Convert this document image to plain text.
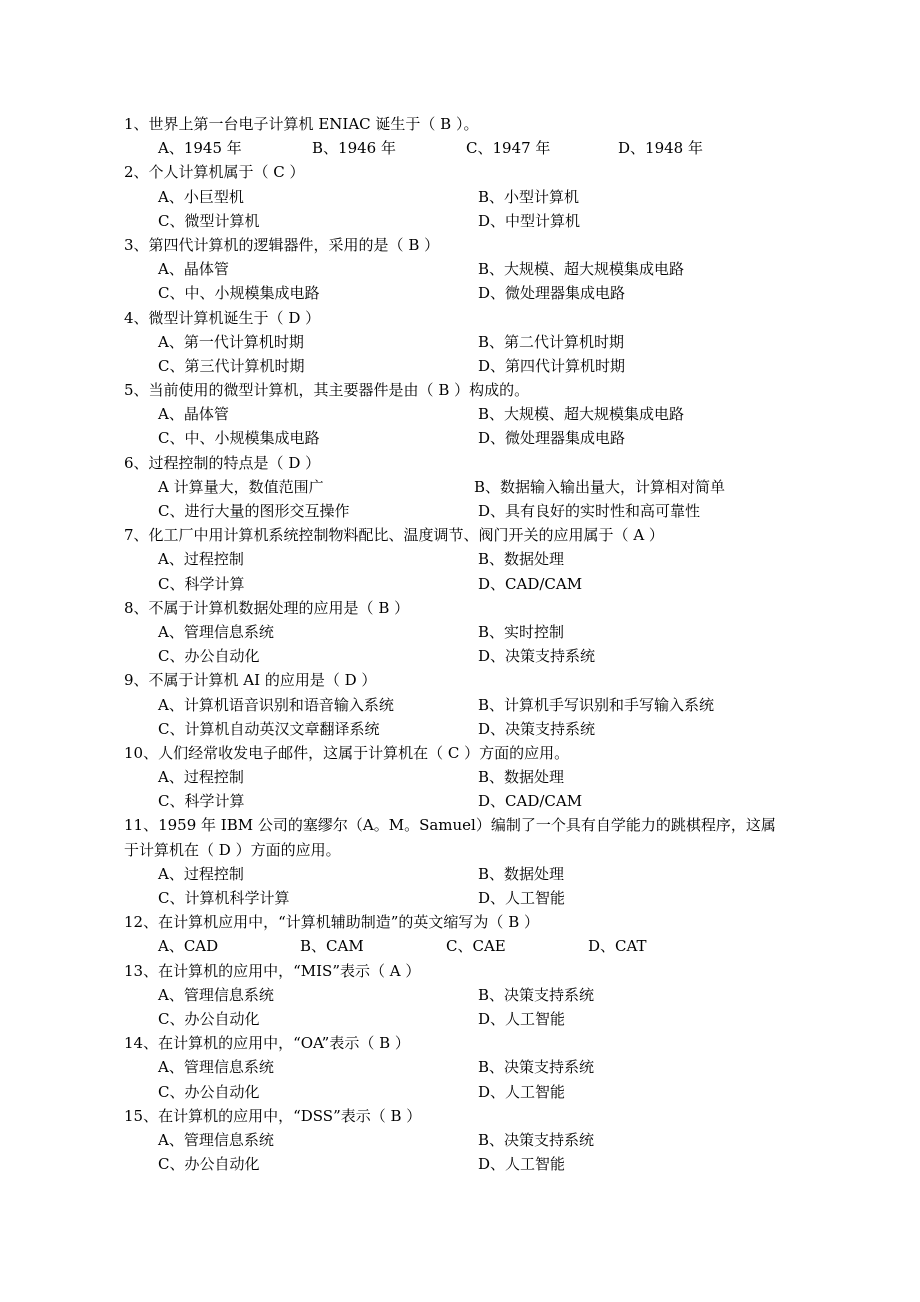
1、世界上第一台电子计算机 ENIAC 诞生于（ B ）。
A、1945 年	B、1946 年	C、1947 年	D、1948 年
2、个人计算机属于（ C ）
A、小巨型机	B、小型计算机
C、微型计算机	D、中型计算机
3、第四代计算机的逻辑器件，采用的是（ B ）
A、晶体管	B、大规模、超大规模集成电路
C、中、小规模集成电路	D、微处理器集成电路
4、微型计算机诞生于（ D ）
A、第一代计算机时期	B、第二代计算机时期
C、第三代计算机时期	D、第四代计算机时期
5、当前使用的微型计算机，其主要器件是由（ B ）构成的。
A、晶体管	B、大规模、超大规模集成电路
C、中、小规模集成电路	D、微处理器集成电路
6、过程控制的特点是（ D ）
A 计算量大，数值范围广	B、数据输入输出量大，计算相对简单
C、进行大量的图形交互操作	D、具有良好的实时性和高可靠性
7、化工厂中用计算机系统控制物料配比、温度调节、阀门开关的应用属于（ A ）
A、过程控制	B、数据处理
C、科学计算	D、CAD/CAM
8、不属于计算机数据处理的应用是（ B ）
A、管理信息系统	B、实时控制
C、办公自动化	D、决策支持系统
9、不属于计算机 AI 的应用是（ D ）
A、计算机语音识别和语音输入系统	B、计算机手写识别和手写输入系统
C、计算机自动英汉文章翻译系统	D、决策支持系统
10、人们经常收发电子邮件，这属于计算机在（ C ）方面的应用。
A、过程控制	B、数据处理
C、科学计算	D、CAD/CAM
11、1959 年 IBM 公司的塞缪尔（A。M。Samuel）编制了一个具有自学能力的跳棋程序，这属
于计算机在（ D ）方面的应用。
A、过程控制	B、数据处理
C、计算机科学计算	D、人工智能
12、在计算机应用中，“计算机辅助制造”的英文缩写为（ B ）
A、CAD	B、CAM	C、CAE	D、CAT
13、在计算机的应用中，“MIS”表示（ A ）
A、管理信息系统	B、决策支持系统
C、办公自动化	D、人工智能
14、在计算机的应用中，“OA”表示（ B ）
A、管理信息系统	B、决策支持系统
C、办公自动化	D、人工智能
15、在计算机的应用中，“DSS”表示（ B ）
A、管理信息系统	B、决策支持系统
C、办公自动化	D、人工智能
